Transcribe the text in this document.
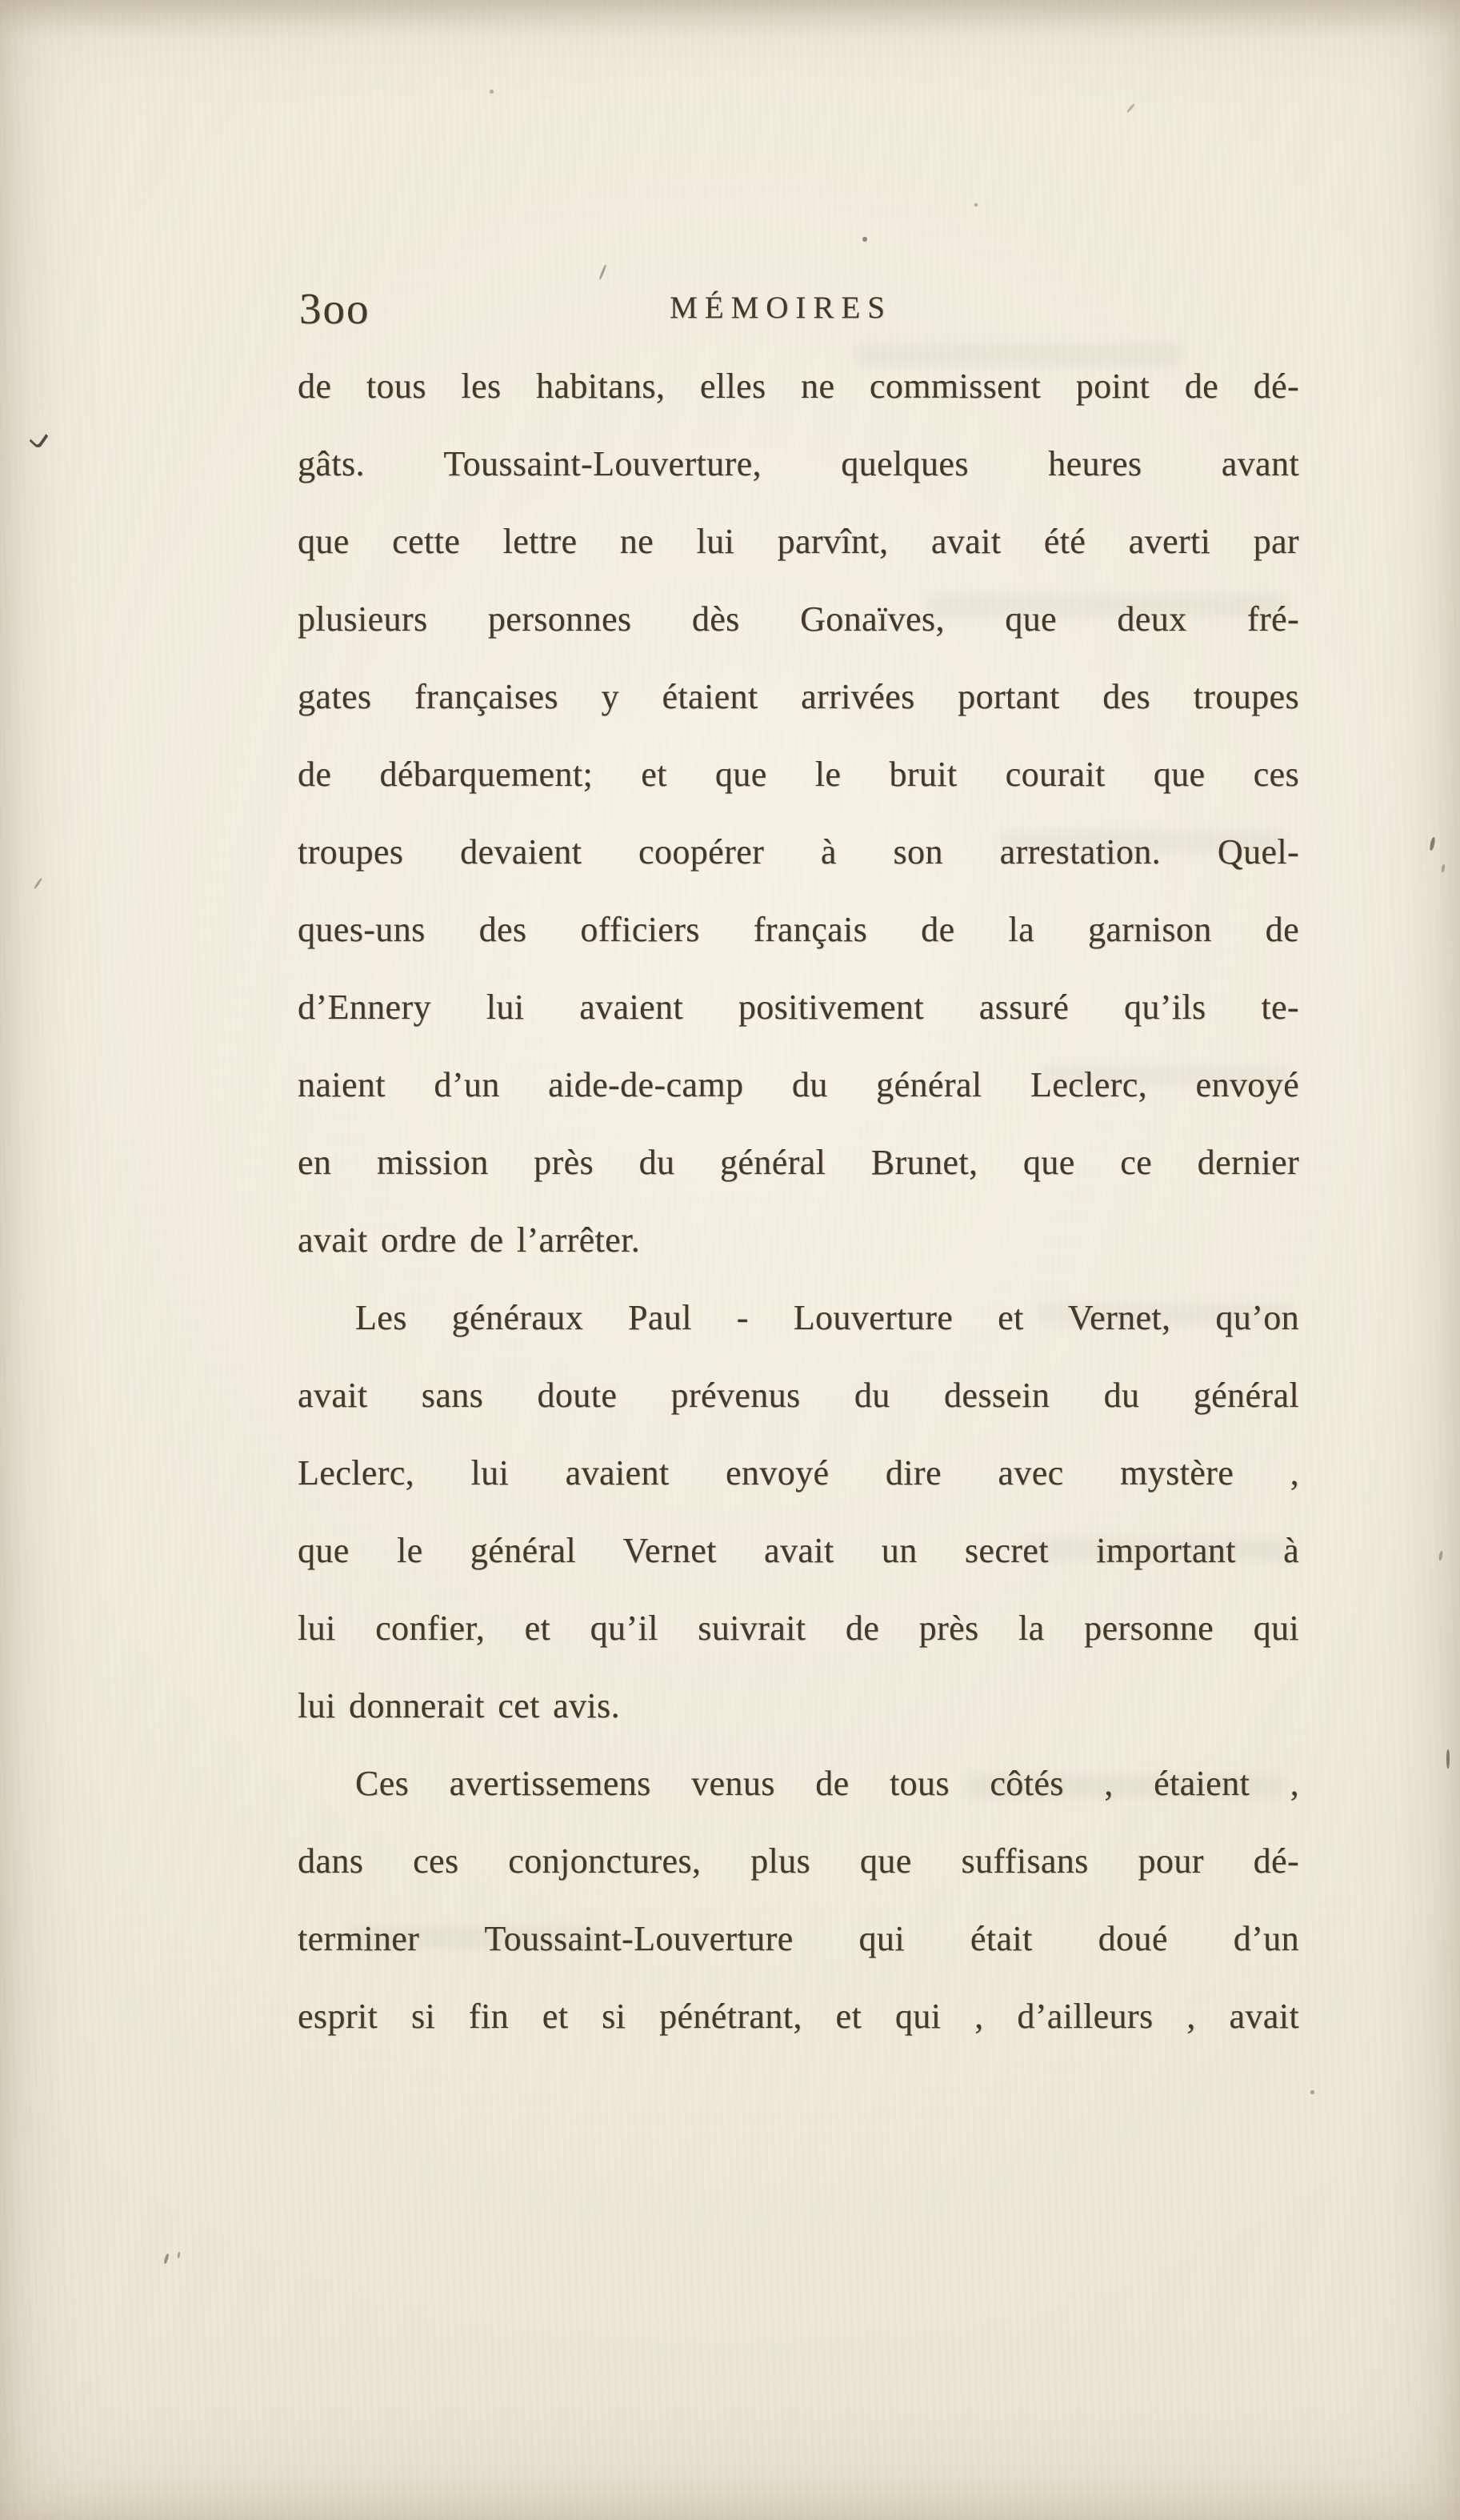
3oo	MÉMOIRES
de tous les habitans, elles ne commissent point de dé-
gâts. Toussaint-Louverture, quelques heures avant
que cette lettre ne lui parvînt, avait été averti par
plusieurs personnes dès Gonaïves, que deux fré-
gates françaises y étaient arrivées portant des troupes
de débarquement; et que le bruit courait que ces
troupes devaient coopérer à son arrestation. Quel-
ques-uns des officiers français de la garnison de
d’Ennery lui avaient positivement assuré qu’ils te-
naient d’un aide-de-camp du général Leclerc, envoyé
en mission près du général Brunet, que ce dernier
avait ordre de l’arrêter.
Les généraux Paul - Louverture et Vernet, qu’on
avait sans doute prévenus du dessein du général
Leclerc, lui avaient envoyé dire avec mystère ,
que le général Vernet avait un secret important à
lui confier, et qu’il suivrait de près la personne qui
lui donnerait cet avis.
Ces avertissemens venus de tous côtés , étaient ,
dans ces conjonctures, plus que suffisans pour dé-
terminer Toussaint-Louverture qui était doué d’un
esprit si fin et si pénétrant, et qui , d’ailleurs , avait
